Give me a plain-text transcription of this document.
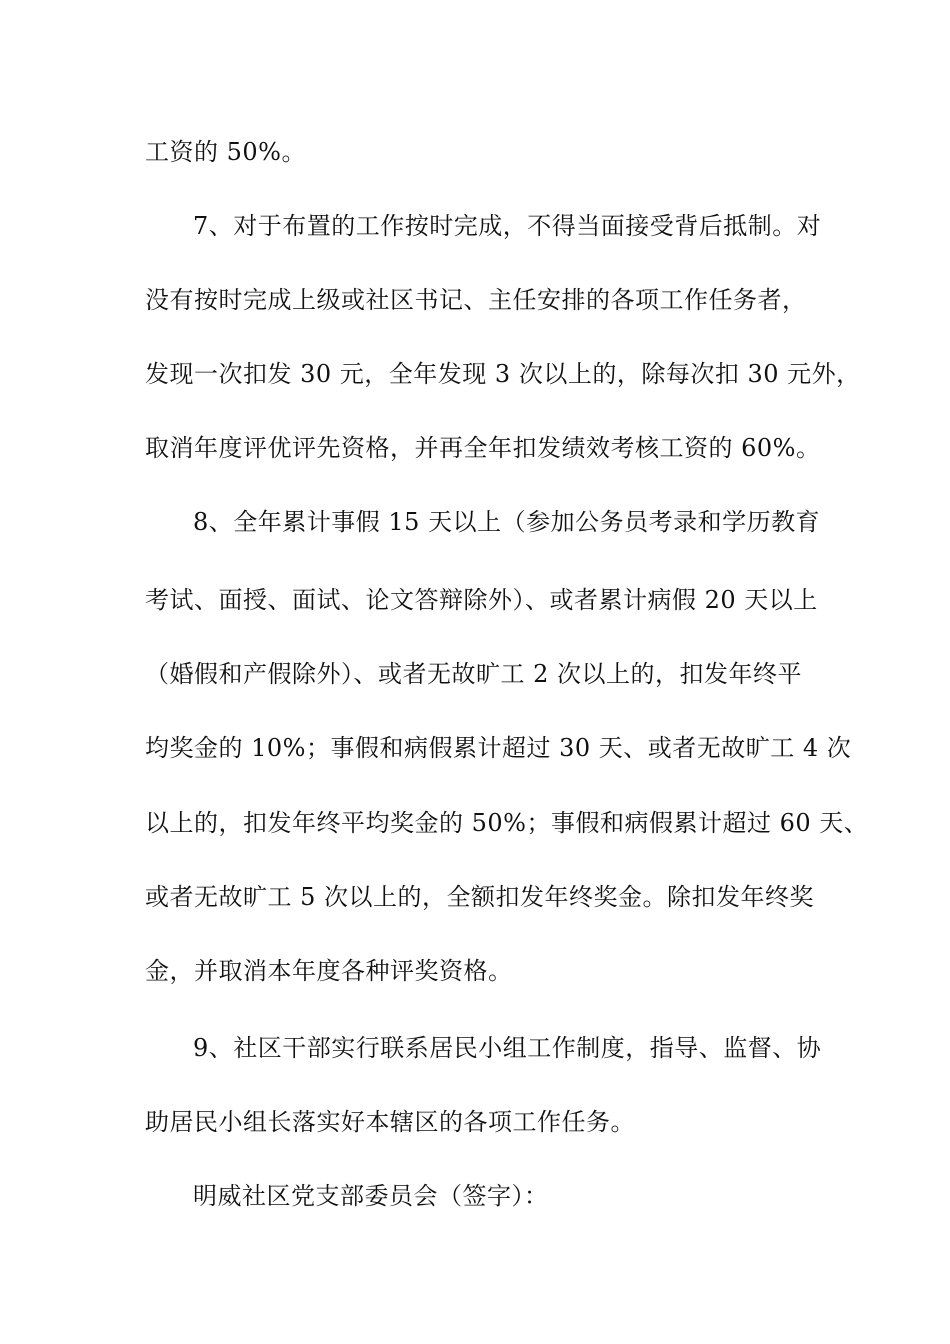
工资的 50%。
7、对于布置的工作按时完成，不得当面接受背后抵制。对
没有按时完成上级或社区书记、主任安排的各项工作任务者，
发现一次扣发 30 元，全年发现 3 次以上的，除每次扣 30 元外，
取消年度评优评先资格，并再全年扣发绩效考核工资的 60%。
8、全年累计事假 15 天以上（参加公务员考录和学历教育
考试、面授、面试、论文答辩除外）、或者累计病假 20 天以上
（婚假和产假除外）、或者无故旷工 2 次以上的，扣发年终平
均奖金的 10%；事假和病假累计超过 30 天、或者无故旷工 4 次
以上的，扣发年终平均奖金的 50%；事假和病假累计超过 60 天、
或者无故旷工 5 次以上的，全额扣发年终奖金。除扣发年终奖
金，并取消本年度各种评奖资格。
9、社区干部实行联系居民小组工作制度，指导、监督、协
助居民小组长落实好本辖区的各项工作任务。
明威社区党支部委员会（签字）：
